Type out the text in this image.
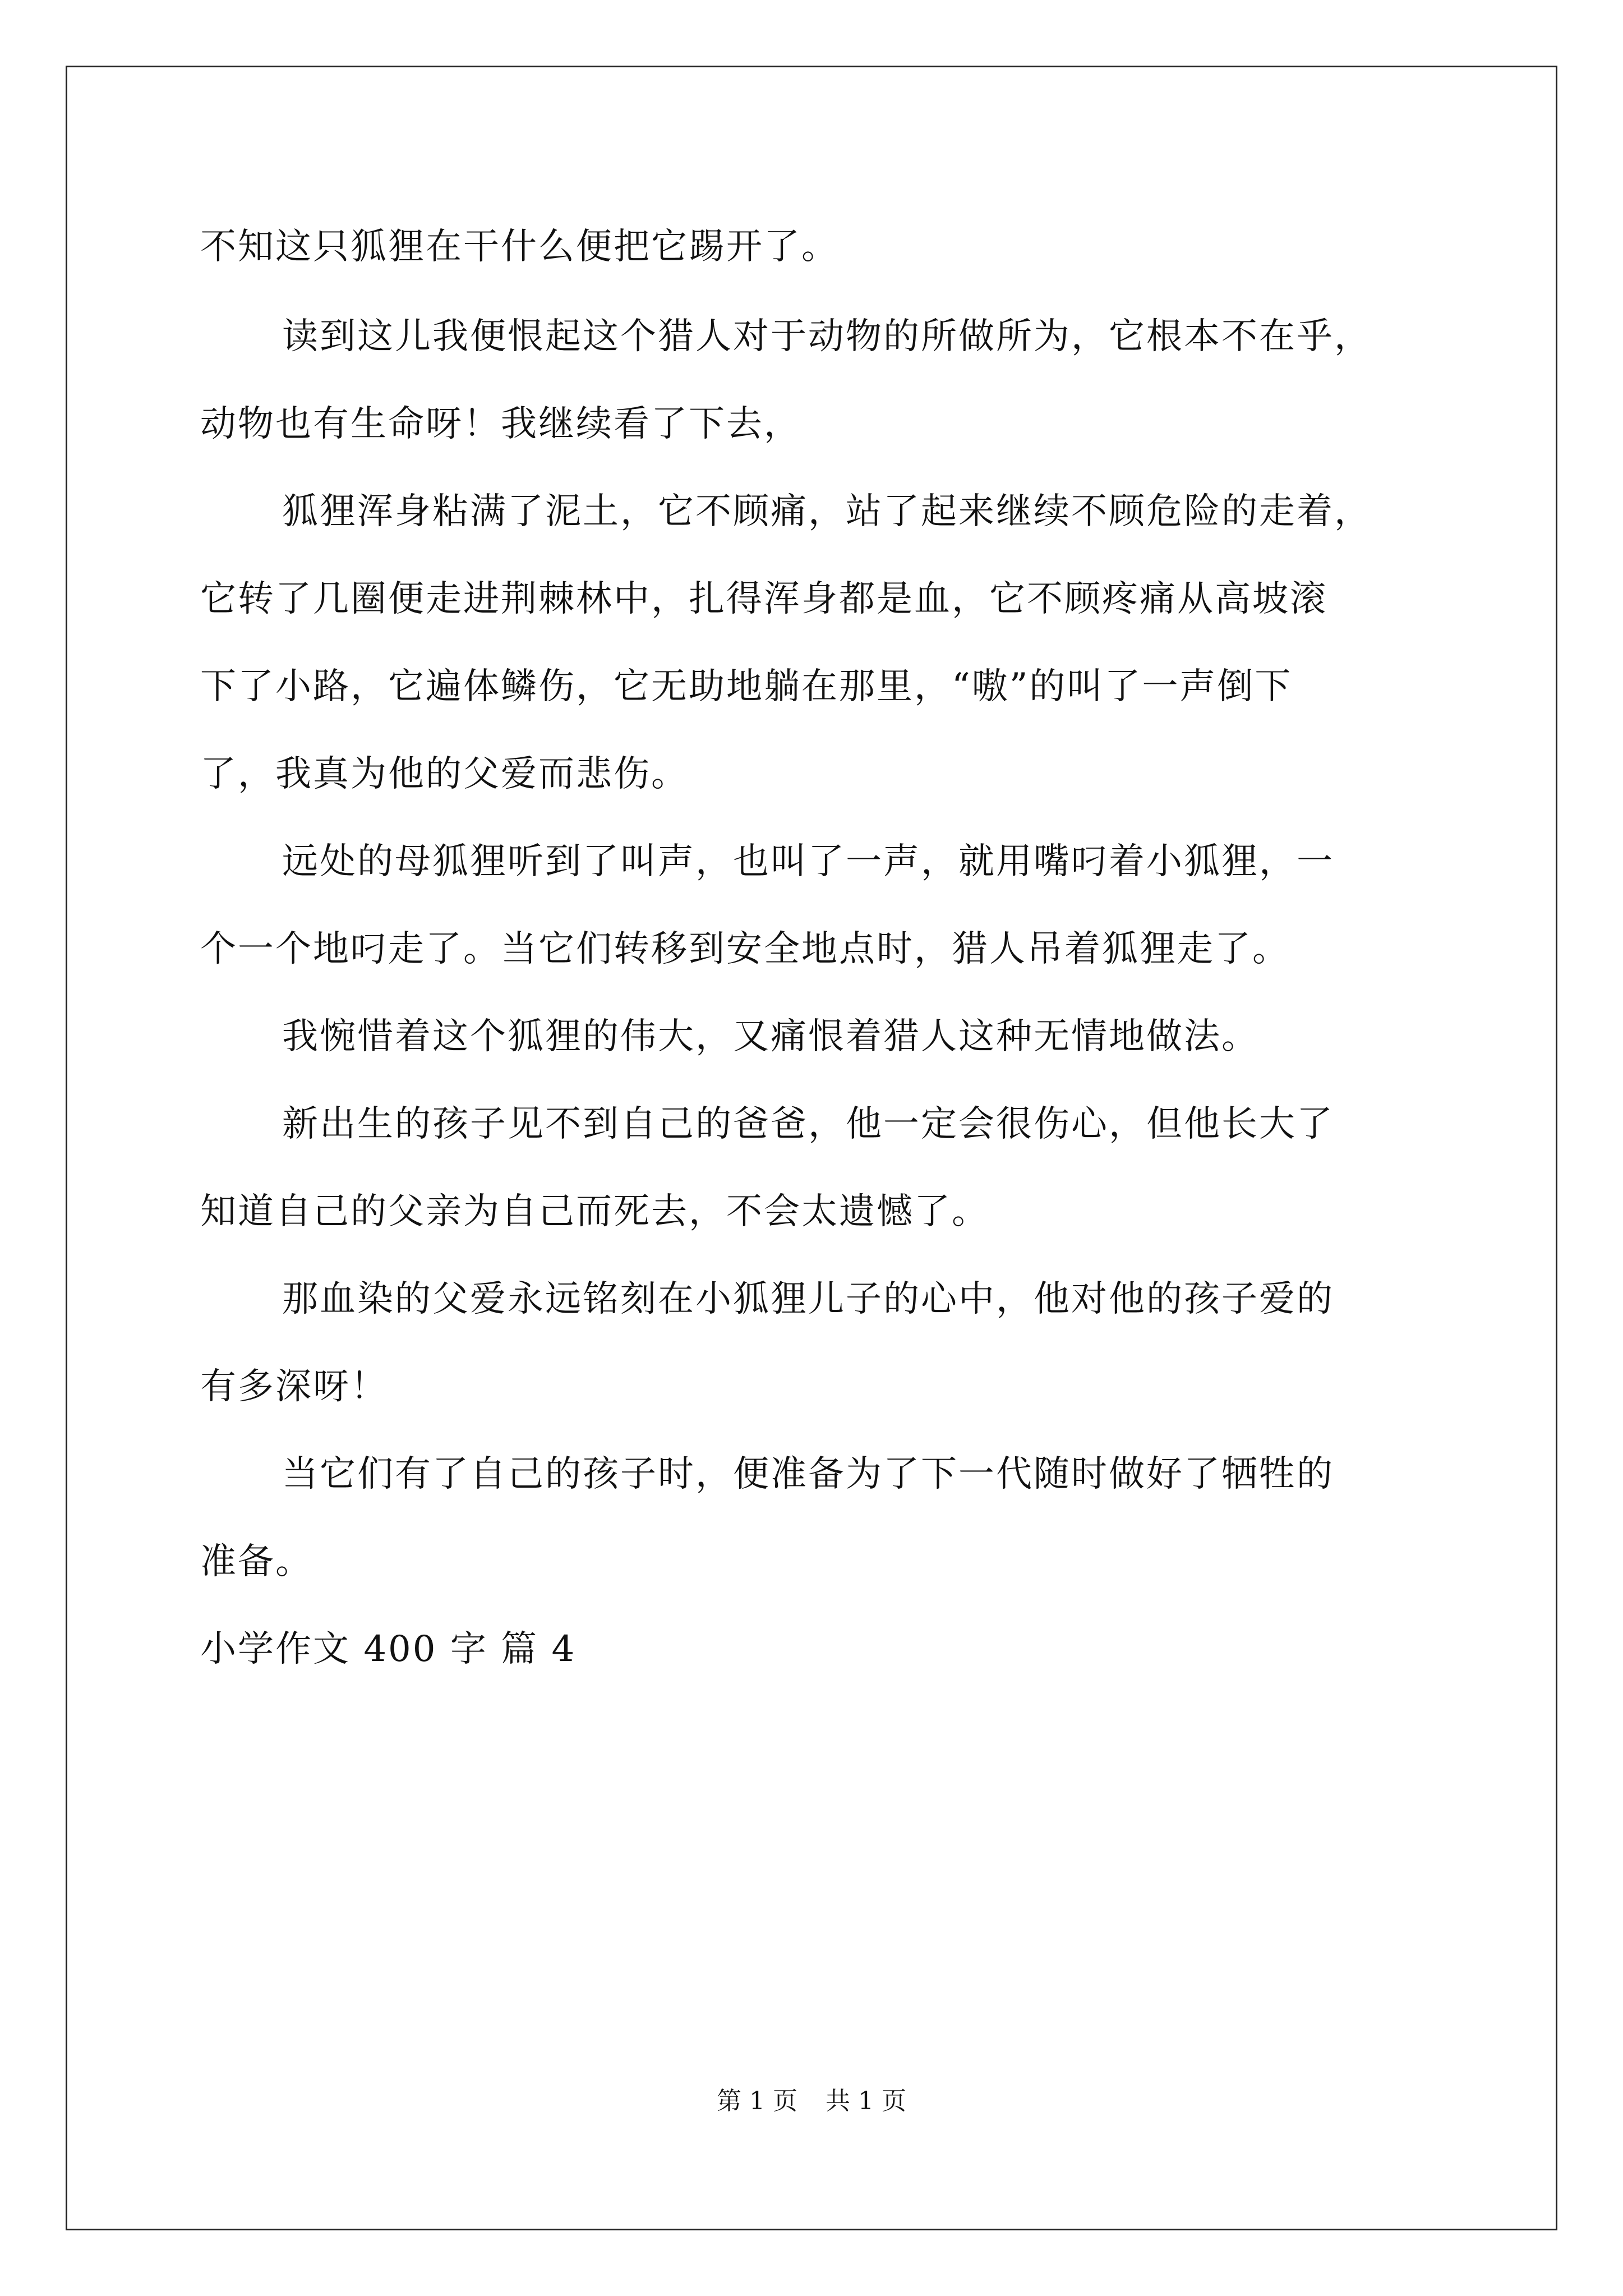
不知这只狐狸在干什么便把它踢开了。
读到这儿我便恨起这个猎人对于动物的所做所为，它根本不在乎，
动物也有生命呀！我继续看了下去，
狐狸浑身粘满了泥土，它不顾痛，站了起来继续不顾危险的走着，
它转了几圈便走进荆棘林中，扎得浑身都是血，它不顾疼痛从高坡滚
下了小路，它遍体鳞伤，它无助地躺在那里，“嗷”的叫了一声倒下
了，我真为他的父爱而悲伤。
远处的母狐狸听到了叫声，也叫了一声，就用嘴叼着小狐狸，一
个一个地叼走了。当它们转移到安全地点时，猎人吊着狐狸走了。
我惋惜着这个狐狸的伟大，又痛恨着猎人这种无情地做法。
新出生的孩子见不到自己的爸爸，他一定会很伤心，但他长大了
知道自己的父亲为自己而死去，不会太遗憾了。
那血染的父爱永远铭刻在小狐狸儿子的心中，他对他的孩子爱的
有多深呀！
当它们有了自己的孩子时，便准备为了下一代随时做好了牺牲的
准备。
小学作文 400 字 篇 4
第 1 页 共 1 页
